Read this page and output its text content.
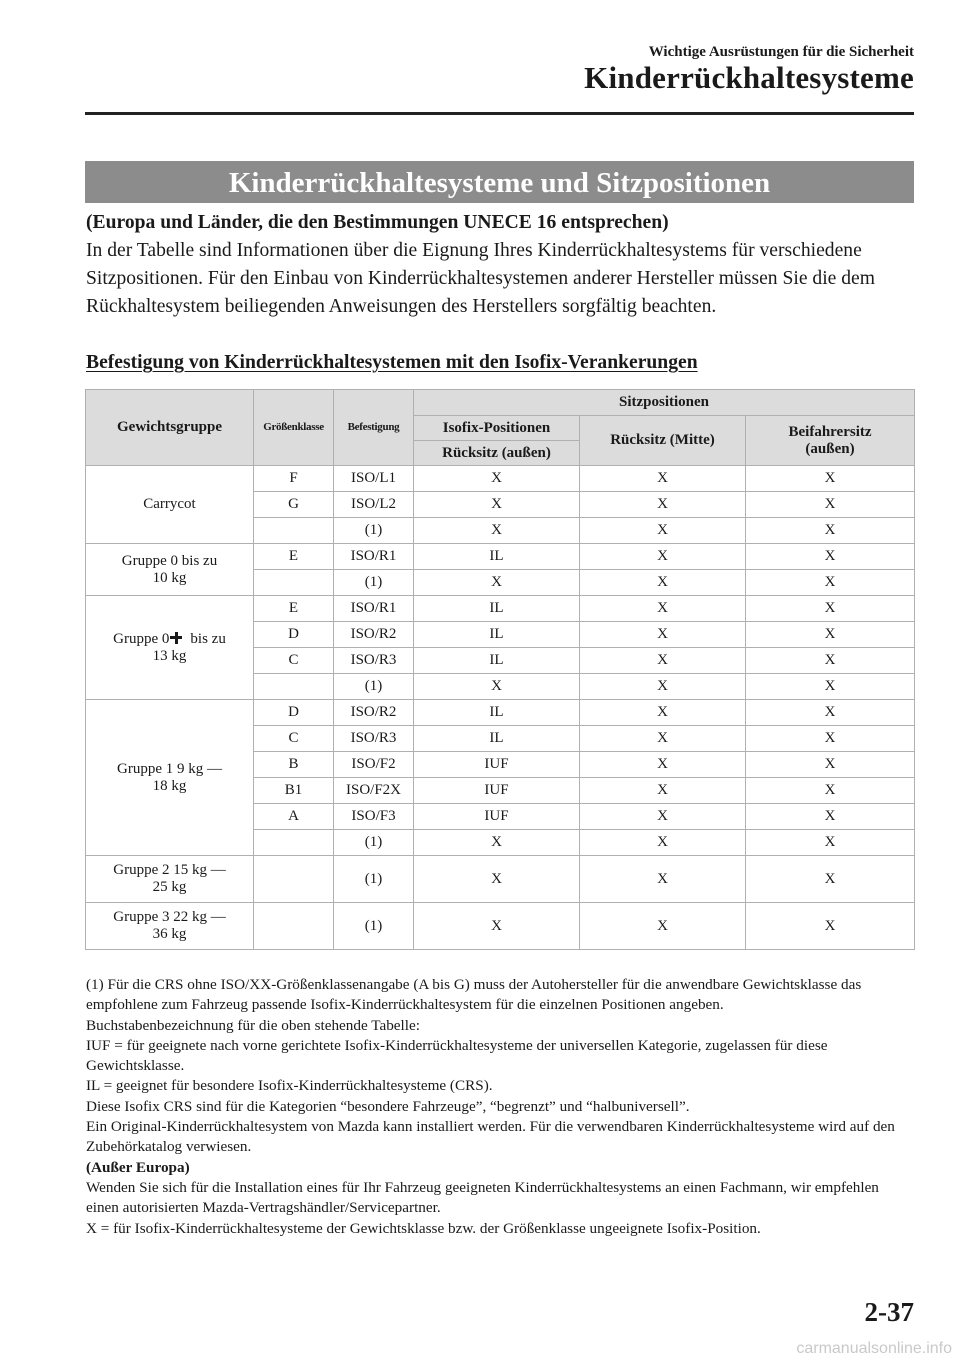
Wichtige Ausrüstungen für die Sicherheit
Kinderrückhaltesysteme
Kinderrückhaltesysteme und Sitzpositionen
(Europa und Länder, die den Bestimmungen UNECE 16 entsprechen)
In der Tabelle sind Informationen über die Eignung Ihres Kinderrückhaltesystems für verschiedene Sitzpositionen. Für den Einbau von Kinderrückhaltesystemen anderer Hersteller müssen Sie die dem Rückhaltesystem beiliegenden Anweisungen des Herstellers sorgfältig beachten.
Befestigung von Kinderrückhaltesystemen mit den Isofix-Verankerungen
Gewichtsgruppe	Größenklasse	Befestigung	Sitzpositionen		
			Isofix-Positionen	Rücksitz (Mitte)	Beifahrersitz
(außen)
			Rücksitz (außen)		
Carrycot	F	ISO/L1	X	X	X
	G	ISO/L2	X	X	X
		(1)	X	X	X
Gruppe 0 bis zu
10 kg	E	ISO/R1	IL	X	X
		(1)	X	X	X
Gruppe 0 bis zu
13 kg	E	ISO/R1	IL	X	X
	D	ISO/R2	IL	X	X
	C	ISO/R3	IL	X	X
		(1)	X	X	X
Gruppe 1 9 kg ―
18 kg	D	ISO/R2	IL	X	X
	C	ISO/R3	IL	X	X
	B	ISO/F2	IUF	X	X
	B1	ISO/F2X	IUF	X	X
	A	ISO/F3	IUF	X	X
		(1)	X	X	X
Gruppe 2 15 kg ―
25 kg		(1)	X	X	X
Gruppe 3 22 kg ―
36 kg		(1)	X	X	X

(1) Für die CRS ohne ISO/XX-Größenklassenangabe (A bis G) muss der Autohersteller für die anwendbare Gewichtsklasse das empfohlene zum Fahrzeug passende Isofix-Kinderrückhaltesystem für die einzelnen Positionen angeben.

Buchstabenbezeichnung für die oben stehende Tabelle:

IUF = für geeignete nach vorne gerichtete Isofix-Kinderrückhaltesysteme der universellen Kategorie, zugelassen für diese Gewichtsklasse.

IL = geeignet für besondere Isofix-Kinderrückhaltesysteme (CRS).

Diese Isofix CRS sind für die Kategorien “besondere Fahrzeuge”, “begrenzt” und “halbuniversell”.

Ein Original-Kinderrückhaltesystem von Mazda kann installiert werden. Für die verwendbaren Kinderrückhaltesysteme wird auf den Zubehörkatalog verwiesen.

(Außer Europa)

Wenden Sie sich für die Installation eines für Ihr Fahrzeug geeigneten Kinderrückhaltesystems an einen Fachmann, wir empfehlen einen autorisierten Mazda-Vertragshändler/Servicepartner.

X = für Isofix-Kinderrückhaltesysteme der Gewichtsklasse bzw. der Größenklasse ungeeignete Isofix-Position.

2-37
carmanualsonline.info
